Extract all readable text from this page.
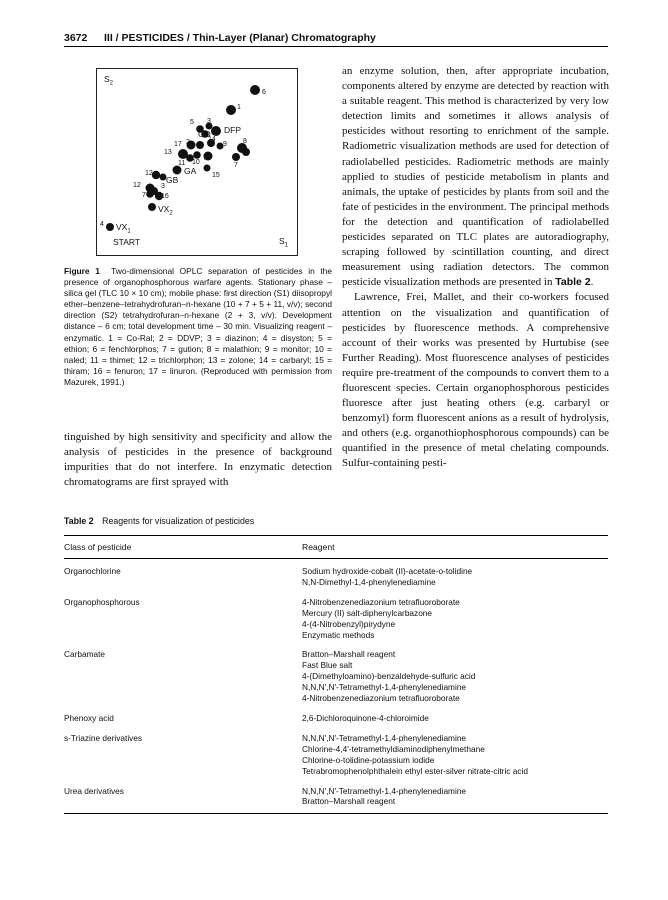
3672 III / PESTICIDES / Thin-Layer (Planar) Chromatography
$S_2$
6
1
5 3
GD DFP
17 2	14
9 8
13
11 10
7
7
12
GB
GA 15
12	3
7 16
$VX_2$
4 $VX_1$
START	$S_1$
Figure 1 Two-dimensional OPLC separation of pesticides in the presence of organophosphorous warfare agents. Stationary phase – silica gel (TLC 10 × 10 cm); mobile phase: first direction (S1) diisopropyl ether–benzene–tetrahydrofuran–n-hexane (10 + 7 + 5 + 11, v/v); second direction (S2) tetrahydrofuran–n-hexane (2 + 3, v/v). Development distance – 6 cm; total development time – 30 min. Visualizing reagent – enzymatic. 1 = Co-Ral; 2 = DDVP; 3 = diazinon; 4 = disyston; 5 = ethion; 6 = fenchlorphos; 7 = gution; 8 = malathion; 9 = monitor; 10 = naled; 11 = thimet; 12 = trichlorphon; 13 = zolone; 14 = carbaryl; 15 = thiram; 16 = fenuron; 17 = linuron. (Reproduced with permission from Mazurek, 1991.)

an enzyme solution, then, after appropriate incubation, components altered by enzyme are detected by reaction with a suitable reagent. This method is characterized by very low detection limits and sometimes it allows analysis of pesticides without resorting to enrichment of the sample. Radiometric visualization methods are used for detection of radiolabelled pesticides. Radiometric methods are mainly applied to studies of pesticide metabolism in plants and animals, the uptake of pesticides by plants from soil and the fate of pesticides in the environment. The principal methods for the detection and quantification of radiolabelled pesticides separated on TLC plates are autoradiography, scraping followed by scintillation counting, and direct measurement using radiation detectors. The common pesticide visualization methods are presented in Table 2.

Lawrence, Frei, Mallet, and their co-workers focused attention on the visualization and quantification of pesticides by fluorescence methods. A comprehensive account of their works was presented by Hurtubise (see Further Reading). Most fluorescence analyses of pesticides require pre-treatment of the compounds to convert them to a fluorescent species. Certain organophosphorous pesticides fluoresce after just heating others (e.g. carbaryl or benzomyl) form fluorescent anions as a result of hydrolysis, and others (e.g. organothiophosphorous compounds) can be quantified in the presence of metal chelating compounds. Sulfur-containing pesti-

tinguished by high sensitivity and specificity and allow the analysis of pesticides in the presence of background impurities that do not interfere. In enzymatic detection chromatograms are first sprayed with

Table 2 Reagents for visualization of pesticides
Class of pesticide	Reagent
Organochlorine	Sodium hydroxide-cobalt (II)-acetate-o-tolidine
	N,N-Dimethyl-1,4-phenylenediamine
Organophosphorous	4-Nitrobenzenediazonium tetrafluoroborate
	Mercury (II) salt-diphenylcarbazone
	4-(4-Nitrobenzyl)pirydyne
	Enzymatic methods
Carbamate	Bratton–Marshall reagent
	Fast Blue salt
	4-(Dimethyloamino)-benzaldehyde-sulfuric acid
	N,N,N′,N′-Tetramethyl-1,4-phenylenediamine
	4-Nitrobenzenediazonium tetrafluoroborate
Phenoxy acid	2,6-Dichloroquinone-4-chloroimide
s-Triazine derivatives	N,N,N′,N′-Tetramethyl-1,4-phenylenediamine
	Chlorine-4,4′-tetramethyldiaminodiphenylmethane
	Chlorine-o-tolidine-potassium iodide
	Tetrabromophenolphthalein ethyl ester-silver nitrate-citric acid
Urea derivatives	N,N,N′,N′-Tetramethyl-1,4-phenylenediamine
	Bratton–Marshall reagent
